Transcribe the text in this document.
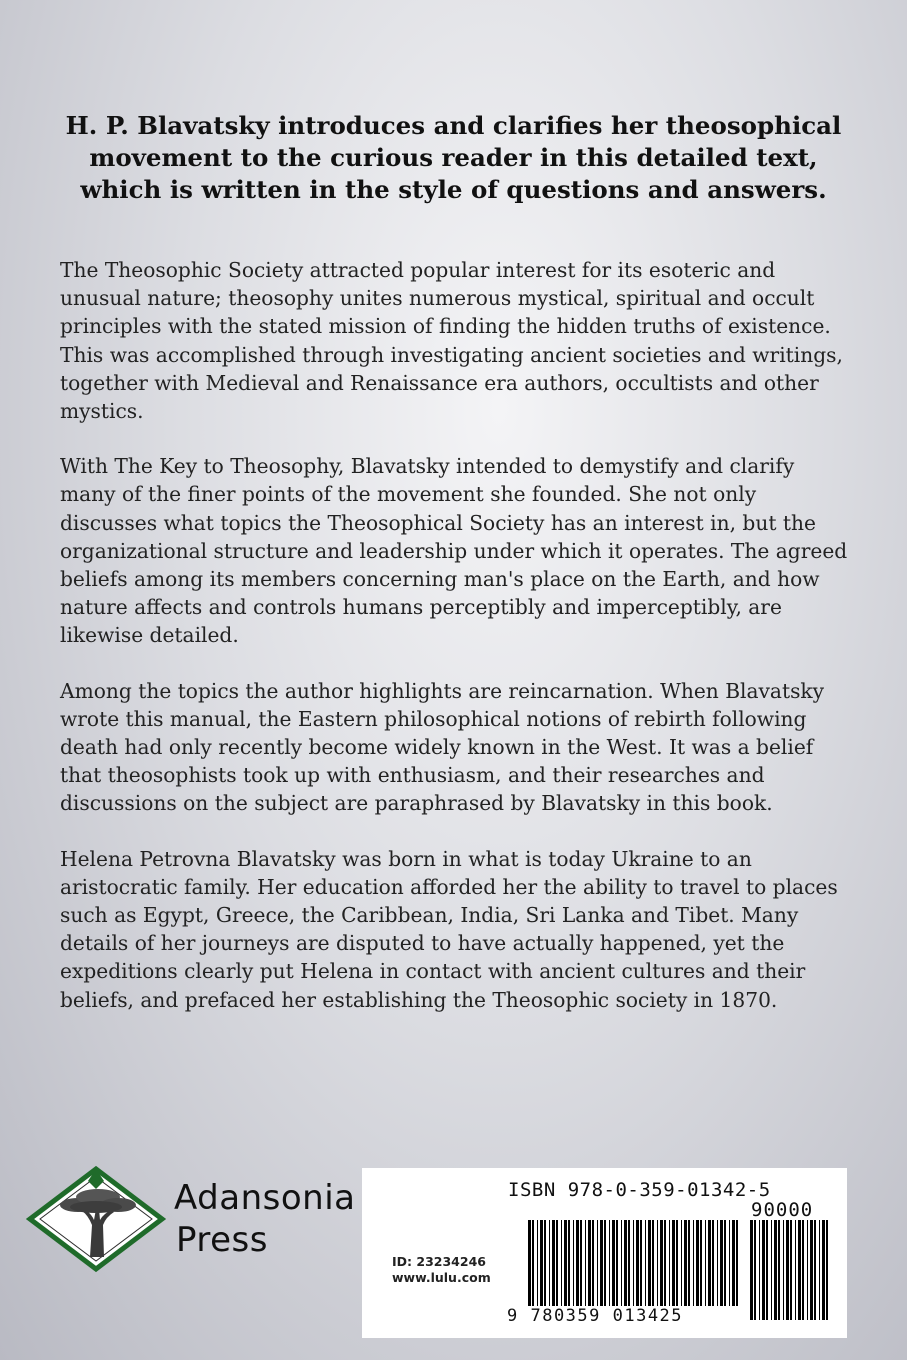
H. P. Blavatsky introduces and clarifies her theosophical
movement to the curious reader in this detailed text,
which is written in the style of questions and answers.

The Theosophic Society attracted popular interest for its esoteric and unusual nature; theosophy unites numerous mystical, spiritual and occult principles with the stated mission of finding the hidden truths of existence. This was accomplished through investigating ancient societies and writings, together with Medieval and Renaissance era authors, occultists and other mystics.

With The Key to Theosophy, Blavatsky intended to demystify and clarify many of the finer points of the movement she founded. She not only discusses what topics the Theosophical Society has an interest in, but the organizational structure and leadership under which it operates. The agreed beliefs among its members concerning man's place on the Earth, and how nature affects and controls humans perceptibly and imperceptibly, are likewise detailed.

Among the topics the author highlights are reincarnation. When Blavatsky wrote this manual, the Eastern philosophical notions of rebirth following death had only recently become widely known in the West. It was a belief that theosophists took up with enthusiasm, and their researches and discussions on the subject are paraphrased by Blavatsky in this book.

Helena Petrovna Blavatsky was born in what is today Ukraine to an aristocratic family. Her education afforded her the ability to travel to places such as Egypt, Greece, the Caribbean, India, Sri Lanka and Tibet. Many details of her journeys are disputed to have actually happened, yet the expeditions clearly put Helena in contact with ancient cultures and their beliefs, and prefaced her establishing the Theosophic society in 1870.

Adansonia
Press
ISBN 978-0-359-01342-5
ID: 23234246
www.lulu.com
90000
9 780359 013425
